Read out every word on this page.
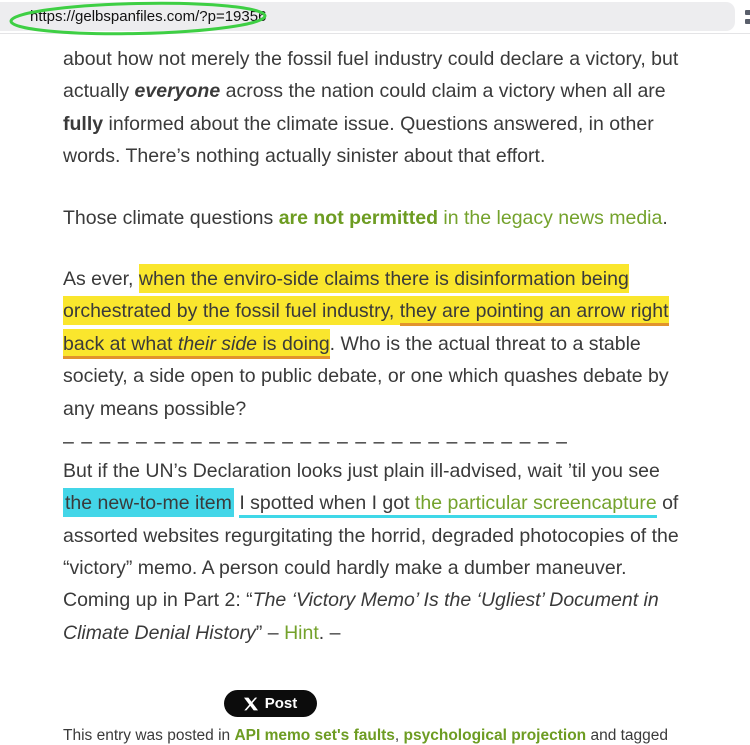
https://gelbspanfiles.com/?p=19356
about how not merely the fossil fuel industry could declare a victory, but
actually everyone across the nation could claim a victory when all are
fully informed about the climate issue. Questions answered, in other
words. There’s nothing actually sinister about that effort.
Those climate questions are not permitted in the legacy news media.
As ever, when the enviro-side claims there is disinformation being
orchestrated by the fossil fuel industry, they are pointing an arrow right
back at what their side is doing. Who is the actual threat to a stable
society, a side open to public debate, or one which quashes debate by
any means possible?
– – – – – – – – – – – – – – – – – – – – – – – – – – – –
But if the UN’s Declaration looks just plain ill-advised, wait ’til you see
the new-to-me item I spotted when I got the particular screencapture of
assorted websites regurgitating the horrid, degraded photocopies of the
“victory” memo. A person could hardly make a dumber maneuver.
Coming up in Part 2: “The ‘Victory Memo’ Is the ‘Ugliest’ Document in
Climate Denial History” – Hint. –
Post
This entry was posted in API memo set's faults, psychological projection and tagged
